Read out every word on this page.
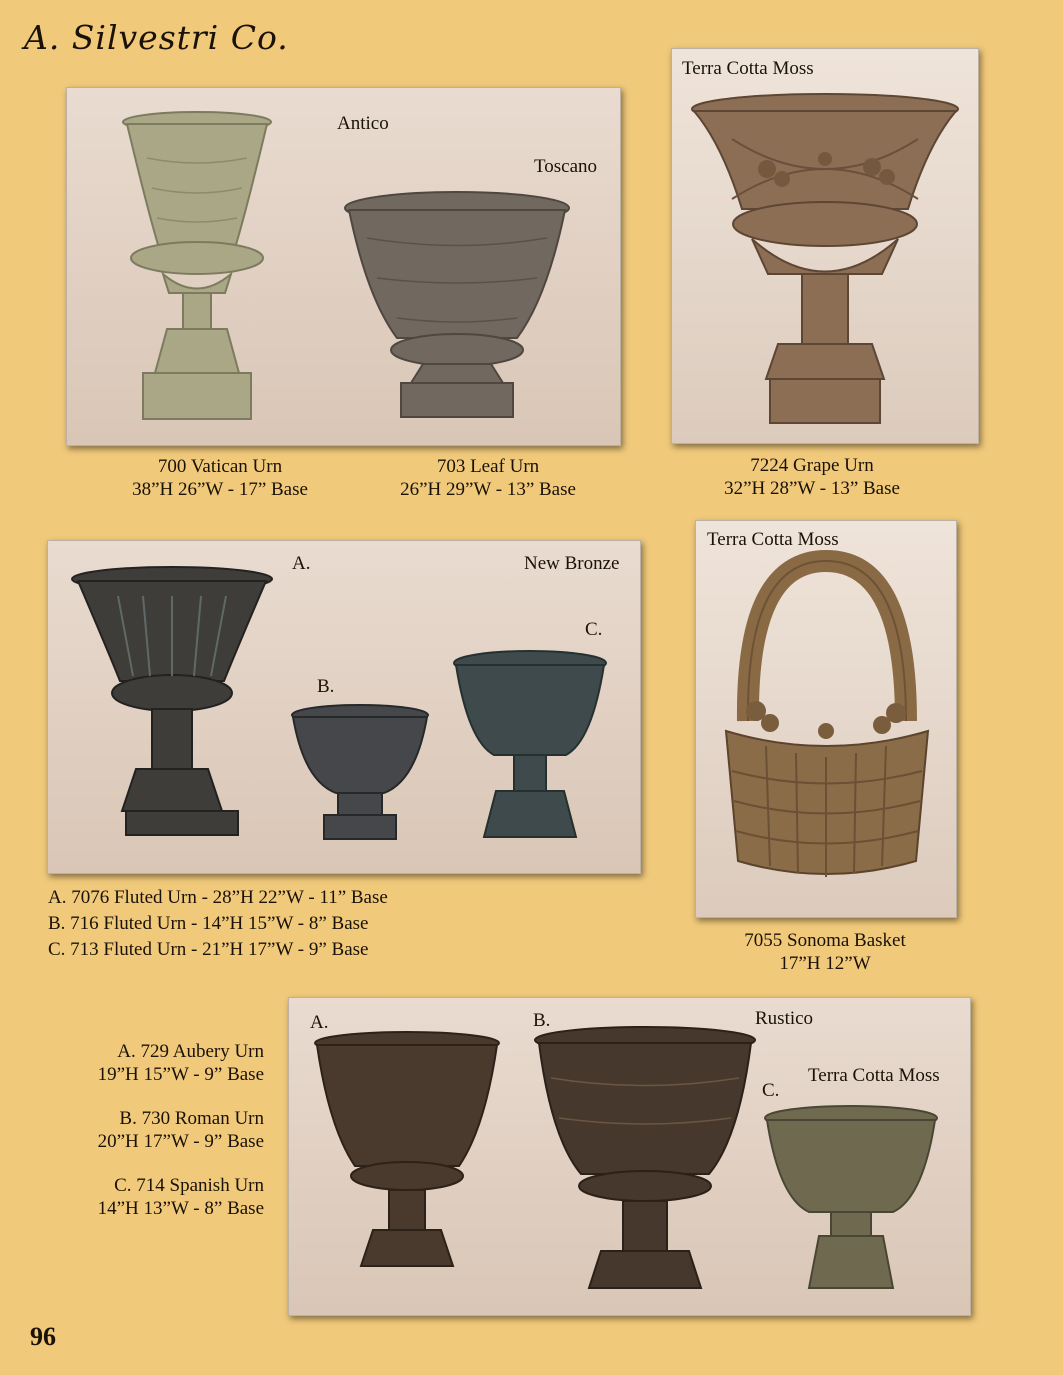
A. Silvestri Co.
Antico
Toscano
700 Vatican Urn
38”H 26”W - 17” Base
703 Leaf Urn
26”H 29”W - 13” Base
Terra Cotta Moss
7224 Grape Urn
32”H 28”W - 13” Base
A.	New Bronze
B.
C.
A. 7076 Fluted Urn - 28”H 22”W - 11” Base
B. 716 Fluted Urn - 14”H 15”W - 8” Base
C. 713 Fluted Urn - 21”H 17”W - 9” Base
Terra Cotta Moss
7055 Sonoma Basket
17”H 12”W
A. 729 Aubery Urn
19”H 15”W - 9” Base
B. 730 Roman Urn
20”H 17”W - 9” Base
C. 714 Spanish Urn
14”H 13”W - 8” Base
A.	B.	Rustico
Terra Cotta Moss
C.
96
